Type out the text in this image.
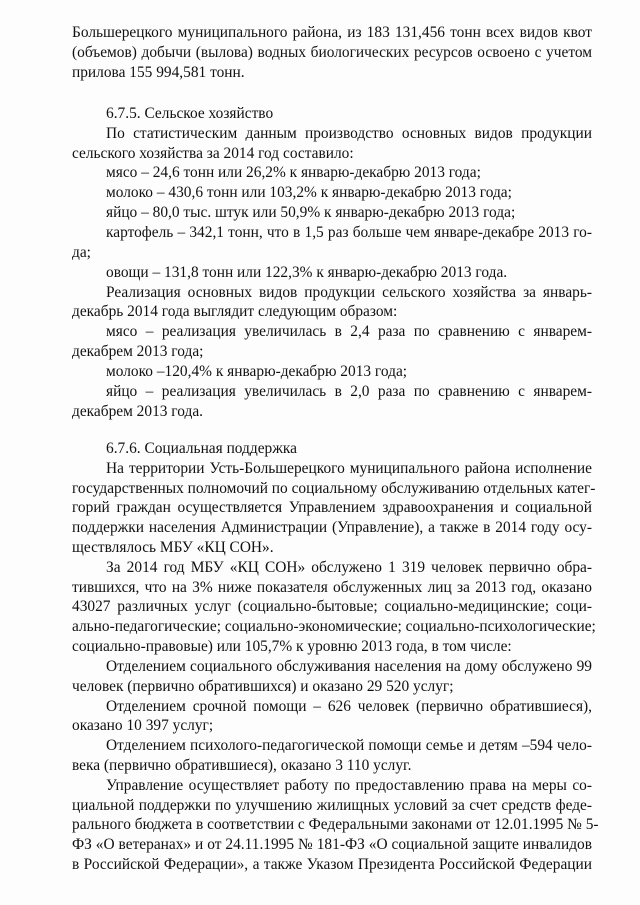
Большерецкого муниципального района, из 183 131,456 тонн всех видов квот
(объемов) добычи (вылова) водных биологических ресурсов освоено с учетом
прилова 155 994,581 тонн.
6.7.5. Сельское хозяйство
По статистическим данным производство основных видов продукции
сельского хозяйства за 2014 год составило:
мясо – 24,6 тонн или 26,2% к январю-декабрю 2013 года;
молоко – 430,6 тонн или 103,2% к январю-декабрю 2013 года;
яйцо – 80,0 тыс. штук или 50,9% к январю-декабрю 2013 года;
картофель – 342,1 тонн, что в 1,5 раз больше чем январе-декабре 2013 го-
да;
овощи – 131,8 тонн или 122,3% к январю-декабрю 2013 года.
Реализация основных видов продукции сельского хозяйства за январь-
декабрь 2014 года выглядит следующим образом:
мясо – реализация увеличилась в 2,4 раза по сравнению с январем-
декабрем 2013 года;
молоко –120,4% к январю-декабрю 2013 года;
яйцо – реализация увеличилась в 2,0 раза по сравнению с январем-
декабрем 2013 года.
6.7.6. Социальная поддержка
На территории Усть-Большерецкого муниципального района исполнение
государственных полномочий по социальному обслуживанию отдельных катег-
горий граждан осуществляется Управлением здравоохранения и социальной
поддержки населения Администрации (Управление), а также в 2014 году осу-
ществлялось МБУ «КЦ СОН».
За 2014 год МБУ «КЦ СОН» обслужено 1 319 человек первично обра-
тившихся, что на 3% ниже показателя обслуженных лиц за 2013 год, оказано
43027 различных услуг (социально-бытовые; социально-медицинские; соци-
ально-педагогические; социально-экономические; социально-психологические;
социально-правовые) или 105,7% к уровню 2013 года, в том числе:
Отделением социального обслуживания населения на дому обслужено 99
человек (первично обратившихся) и оказано 29 520 услуг;
Отделением срочной помощи – 626 человек (первично обратившиеся),
оказано 10 397 услуг;
Отделением психолого-педагогической помощи семье и детям –594 чело-
века (первично обратившиеся), оказано 3 110 услуг.
Управление осуществляет работу по предоставлению права на меры со-
циальной поддержки по улучшению жилищных условий за счет средств феде-
рального бюджета в соответствии с Федеральными законами от 12.01.1995 № 5-
ФЗ «О ветеранах» и от 24.11.1995 № 181-ФЗ «О социальной защите инвалидов
в Российской Федерации», а также Указом Президента Российской Федерации
